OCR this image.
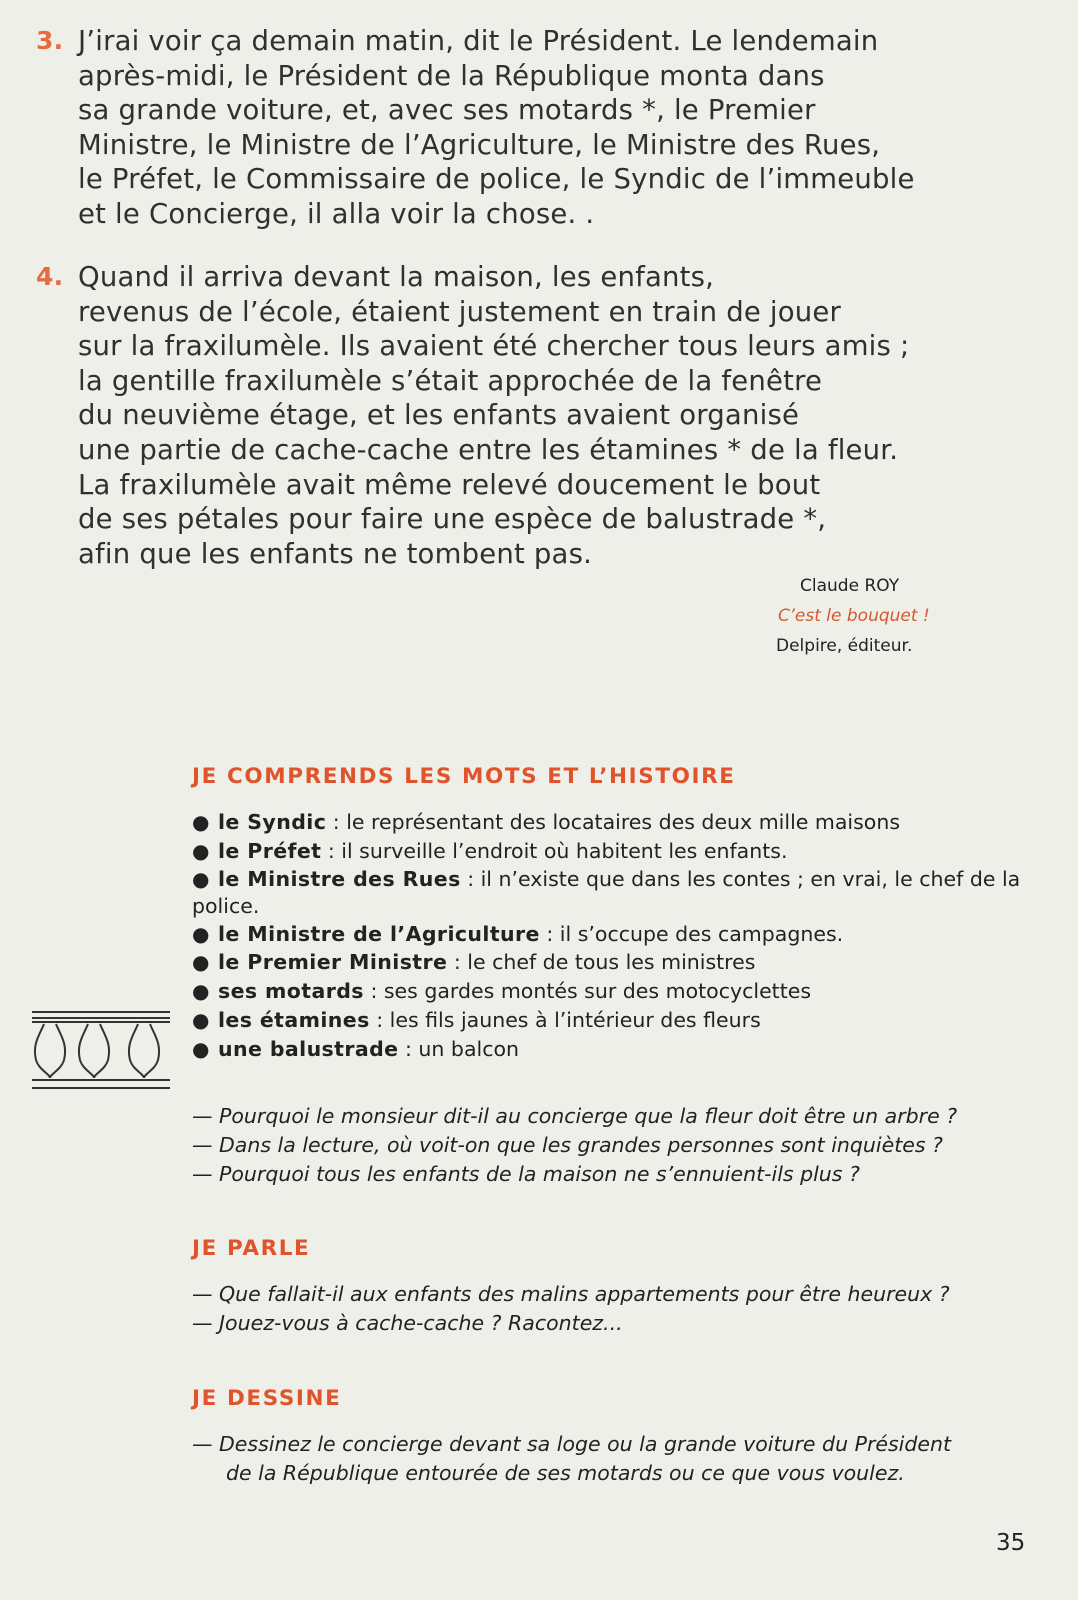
3. J’irai voir ça demain matin, dit le Président. Le lendemain
après-midi, le Président de la République monta dans
sa grande voiture, et, avec ses motards *, le Premier
Ministre, le Ministre de l’Agriculture, le Ministre des Rues,
le Préfet, le Commissaire de police, le Syndic de l’immeuble
et le Concierge, il alla voir la chose. .
4. Quand il arriva devant la maison, les enfants,
revenus de l’école, étaient justement en train de jouer
sur la fraxilumèle. Ils avaient été chercher tous leurs amis ;
la gentille fraxilumèle s’était approchée de la fenêtre
du neuvième étage, et les enfants avaient organisé
une partie de cache-cache entre les étamines * de la fleur.
La fraxilumèle avait même relevé doucement le bout
de ses pétales pour faire une espèce de balustrade *,
afin que les enfants ne tombent pas.
Claude ROY
C’est le bouquet !
Delpire, éditeur.
JE COMPRENDS LES MOTS ET L’HISTOIRE
● le Syndic : le représentant des locataires des deux mille maisons
● le Préfet : il surveille l’endroit où habitent les enfants.
● le Ministre des Rues : il n’existe que dans les contes ; en vrai, le chef de la police.
● le Ministre de l’Agriculture : il s’occupe des campagnes.
● le Premier Ministre : le chef de tous les ministres
● ses motards : ses gardes montés sur des motocyclettes
● les étamines : les fils jaunes à l’intérieur des fleurs
● une balustrade : un balcon
— Pourquoi le monsieur dit-il au concierge que la fleur doit être un arbre ?
— Dans la lecture, où voit-on que les grandes personnes sont inquiètes ?
— Pourquoi tous les enfants de la maison ne s’ennuient-ils plus ?
JE PARLE
— Que fallait-il aux enfants des malins appartements pour être heureux ?
— Jouez-vous à cache-cache ? Racontez...
JE DESSINE
— Dessinez le concierge devant sa loge ou la grande voiture du Président
de la République entourée de ses motards ou ce que vous voulez.
35
